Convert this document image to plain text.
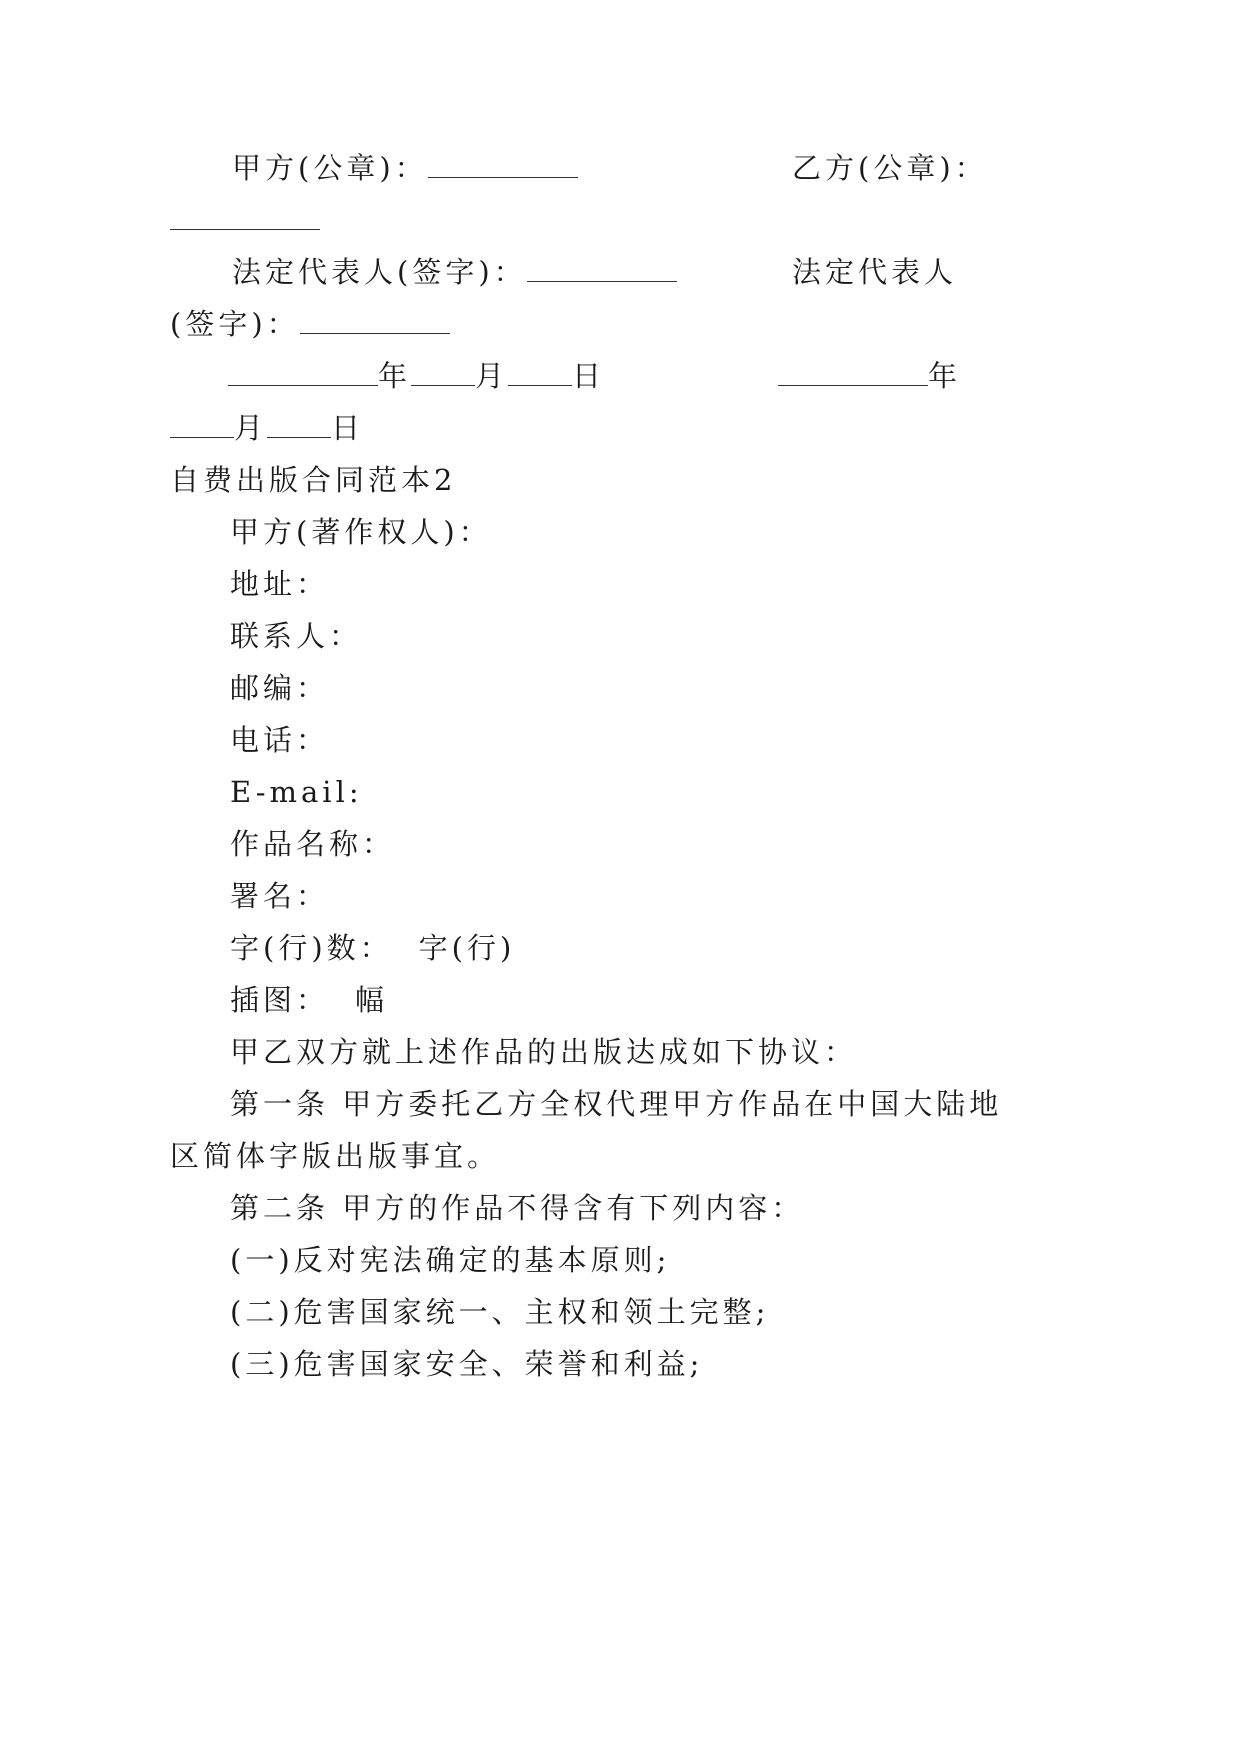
甲方(公章)：	乙方(公章)：
法定代表人(签字)：	法定代表人
(签字)：
年 月 日	年
月 日
自费出版合同范本2
甲方(著作权人)：
地址：
联系人：
邮编：
电话：
E-mail:
作品名称：
署名：
字(行)数： 字(行)
插图： 幅
甲乙双方就上述作品的出版达成如下协议：
第一条 甲方委托乙方全权代理甲方作品在中国大陆地
区简体字版出版事宜。
第二条 甲方的作品不得含有下列内容：
(一)反对宪法确定的基本原则;
(二)危害国家统一、主权和领土完整;
(三)危害国家安全、荣誉和利益;
